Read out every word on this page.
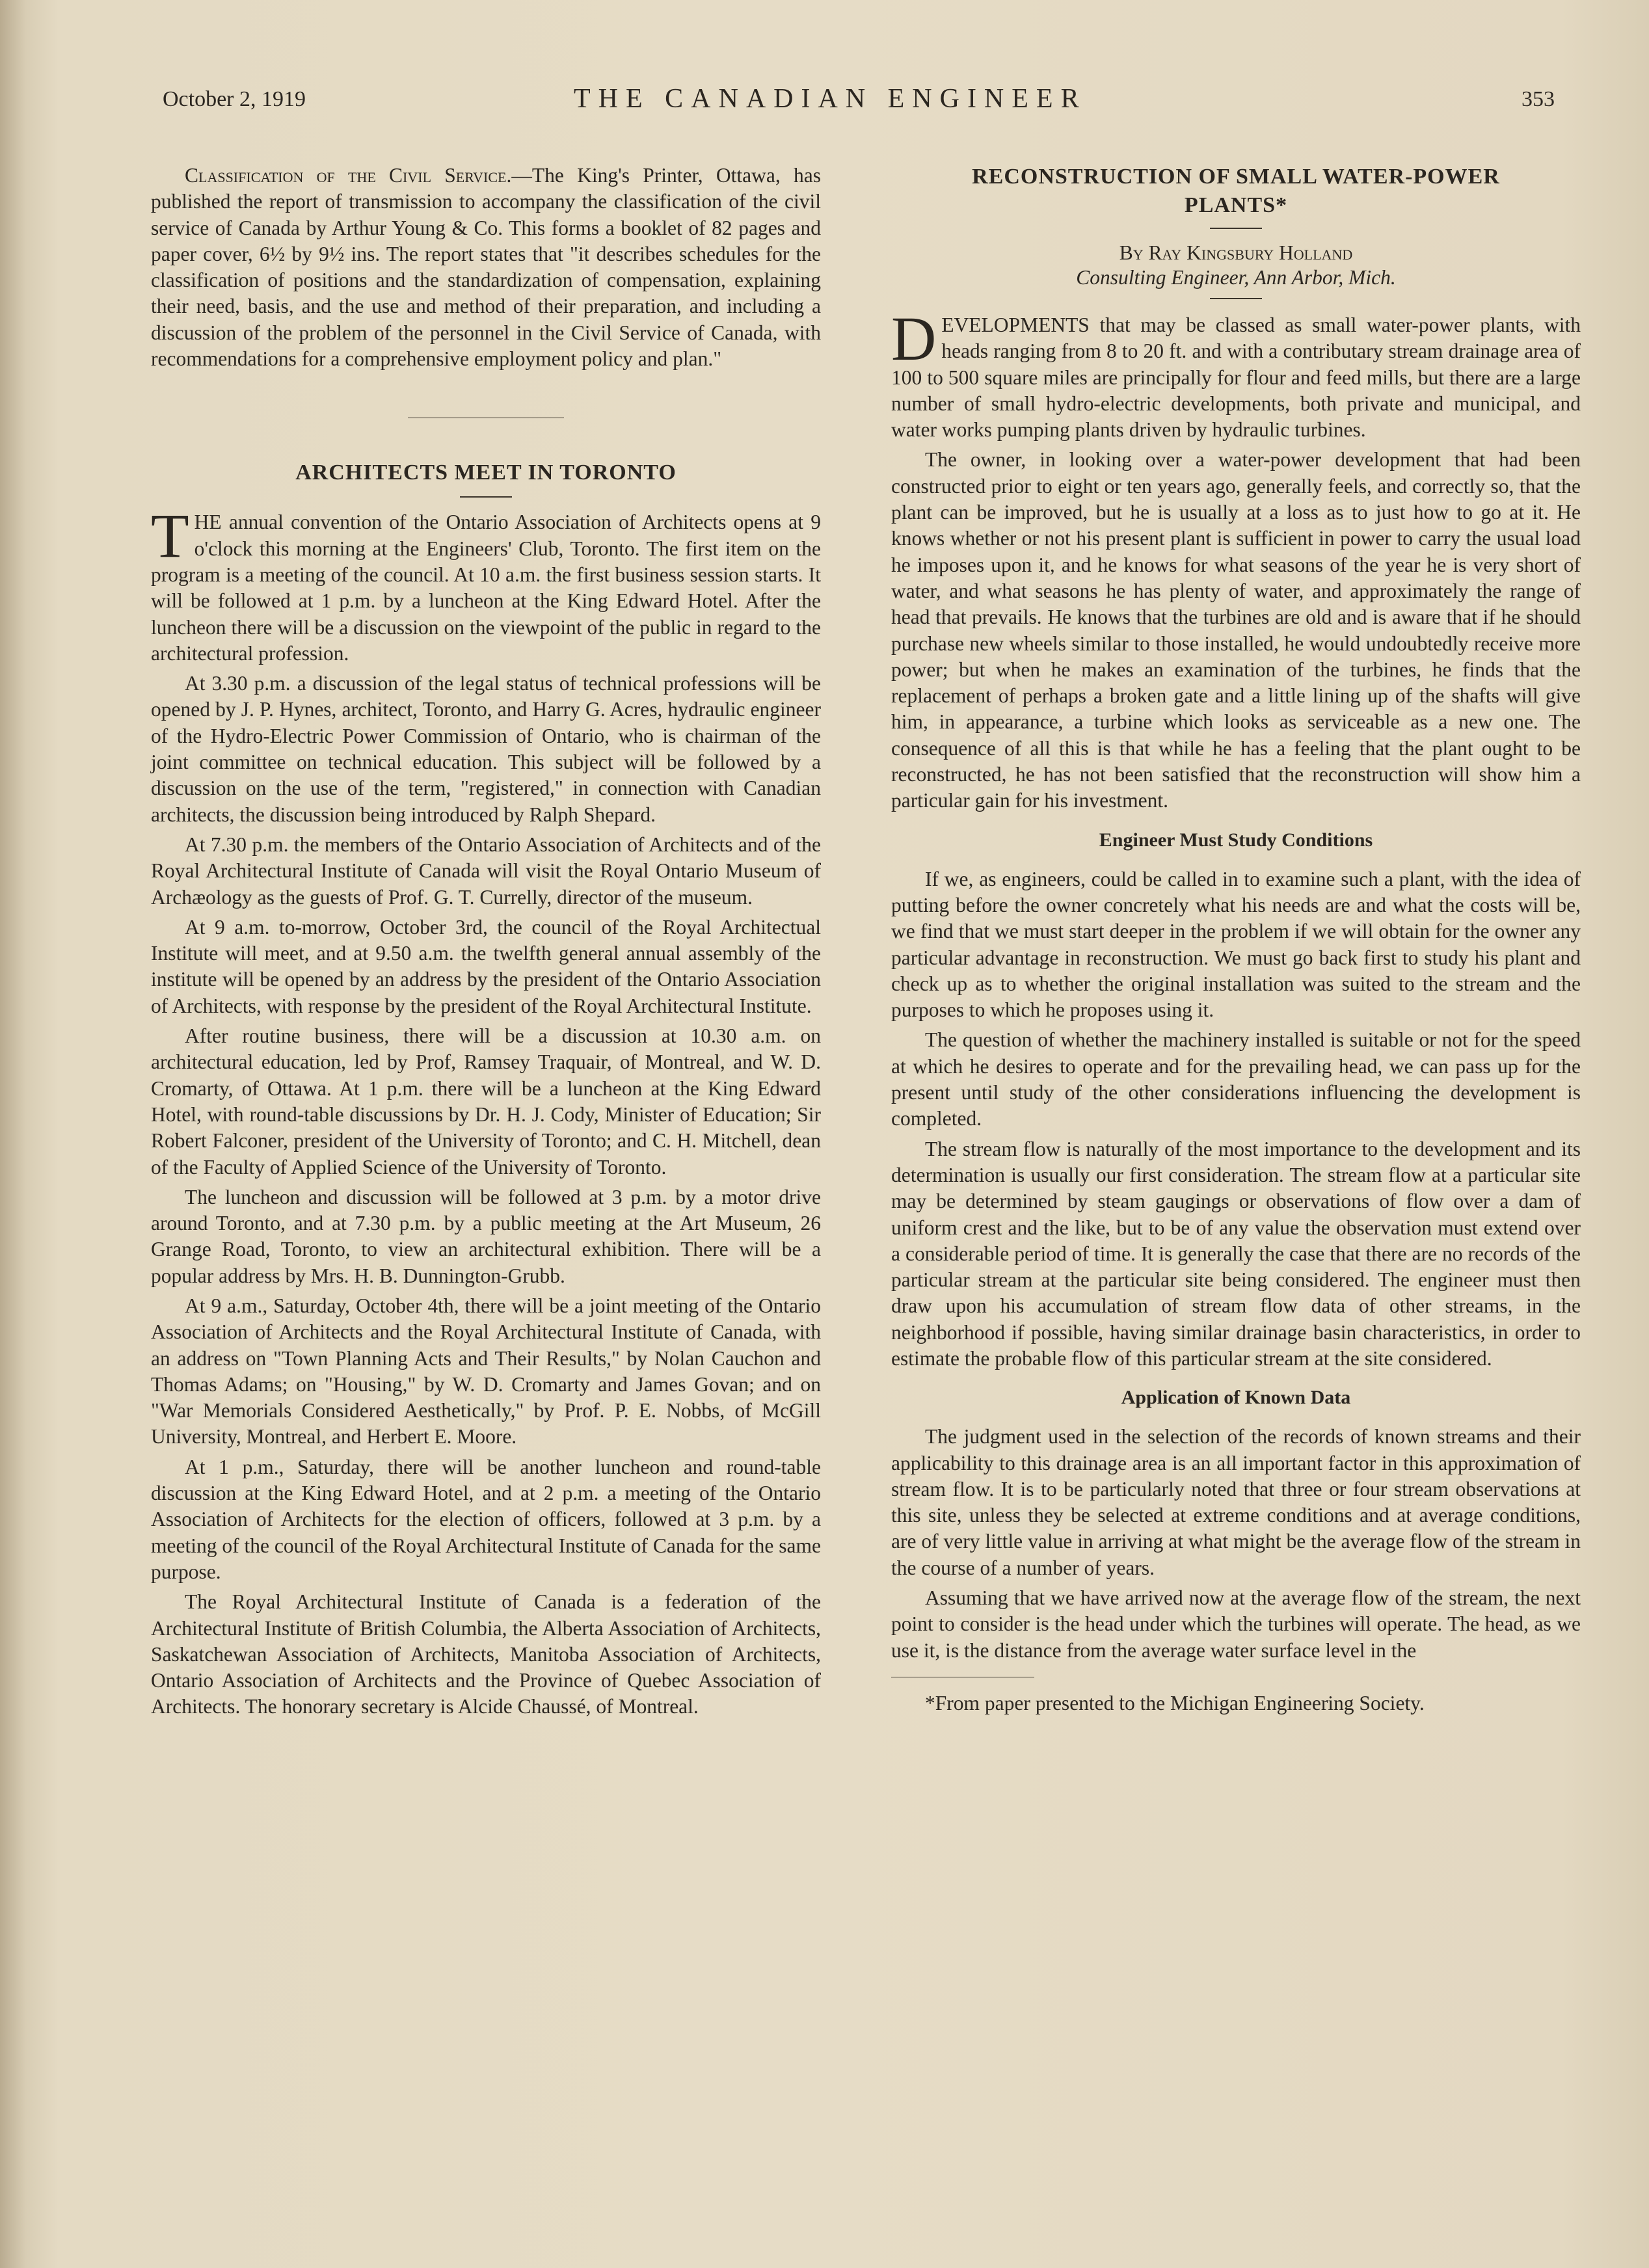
October 2, 1919	THE CANADIAN ENGINEER	353

Classification of the Civil Service.—The King's Printer, Ottawa, has published the report of transmission to accompany the classification of the civil service of Canada by Arthur Young & Co. This forms a booklet of 82 pages and paper cover, 6½ by 9½ ins. The report states that "it describes schedules for the classification of positions and the standardization of compensation, explaining their need, basis, and the use and method of their preparation, and including a discussion of the problem of the personnel in the Civil Service of Canada, with recommendations for a comprehensive employment policy and plan."

ARCHITECTS MEET IN TORONTO

THE annual convention of the Ontario Association of Architects opens at 9 o'clock this morning at the Engineers' Club, Toronto. The first item on the program is a meeting of the council. At 10 a.m. the first business session starts. It will be followed at 1 p.m. by a luncheon at the King Edward Hotel. After the luncheon there will be a discussion on the viewpoint of the public in regard to the architectural profession.

At 3.30 p.m. a discussion of the legal status of technical professions will be opened by J. P. Hynes, architect, Toronto, and Harry G. Acres, hydraulic engineer of the Hydro-Electric Power Commission of Ontario, who is chairman of the joint committee on technical education. This subject will be followed by a discussion on the use of the term, "registered," in connection with Canadian architects, the discussion being introduced by Ralph Shepard.

At 7.30 p.m. the members of the Ontario Association of Architects and of the Royal Architectural Institute of Canada will visit the Royal Ontario Museum of Archæology as the guests of Prof. G. T. Currelly, director of the museum.

At 9 a.m. to-morrow, October 3rd, the council of the Royal Architectual Institute will meet, and at 9.50 a.m. the twelfth general annual assembly of the institute will be opened by an address by the president of the Ontario Association of Architects, with response by the president of the Royal Architectural Institute.

After routine business, there will be a discussion at 10.30 a.m. on architectural education, led by Prof, Ramsey Traquair, of Montreal, and W. D. Cromarty, of Ottawa. At 1 p.m. there will be a luncheon at the King Edward Hotel, with round-table discussions by Dr. H. J. Cody, Minister of Education; Sir Robert Falconer, president of the University of Toronto; and C. H. Mitchell, dean of the Faculty of Applied Science of the University of Toronto.

The luncheon and discussion will be followed at 3 p.m. by a motor drive around Toronto, and at 7.30 p.m. by a public meeting at the Art Museum, 26 Grange Road, Toronto, to view an architectural exhibition. There will be a popular address by Mrs. H. B. Dunnington-Grubb.

At 9 a.m., Saturday, October 4th, there will be a joint meeting of the Ontario Association of Architects and the Royal Architectural Institute of Canada, with an address on "Town Planning Acts and Their Results," by Nolan Cauchon and Thomas Adams; on "Housing," by W. D. Cromarty and James Govan; and on "War Memorials Considered Aesthetically," by Prof. P. E. Nobbs, of McGill University, Montreal, and Herbert E. Moore.

At 1 p.m., Saturday, there will be another luncheon and round-table discussion at the King Edward Hotel, and at 2 p.m. a meeting of the Ontario Association of Architects for the election of officers, followed at 3 p.m. by a meeting of the council of the Royal Architectural Institute of Canada for the same purpose.

The Royal Architectural Institute of Canada is a federation of the Architectural Institute of British Columbia, the Alberta Association of Architects, Saskatchewan Association of Architects, Manitoba Association of Architects, Ontario Association of Architects and the Province of Quebec Association of Architects. The honorary secretary is Alcide Chaussé, of Montreal.

RECONSTRUCTION OF SMALL WATER-POWER PLANTS*
By Ray Kingsbury Holland
Consulting Engineer, Ann Arbor, Mich.

DEVELOPMENTS that may be classed as small water-power plants, with heads ranging from 8 to 20 ft. and with a contributary stream drainage area of 100 to 500 square miles are principally for flour and feed mills, but there are a large number of small hydro-electric developments, both private and municipal, and water works pumping plants driven by hydraulic turbines.

The owner, in looking over a water-power development that had been constructed prior to eight or ten years ago, generally feels, and correctly so, that the plant can be improved, but he is usually at a loss as to just how to go at it. He knows whether or not his present plant is sufficient in power to carry the usual load he imposes upon it, and he knows for what seasons of the year he is very short of water, and what seasons he has plenty of water, and approximately the range of head that prevails. He knows that the turbines are old and is aware that if he should purchase new wheels similar to those installed, he would undoubtedly receive more power; but when he makes an examination of the turbines, he finds that the replacement of perhaps a broken gate and a little lining up of the shafts will give him, in appearance, a turbine which looks as serviceable as a new one. The consequence of all this is that while he has a feeling that the plant ought to be reconstructed, he has not been satisfied that the reconstruction will show him a particular gain for his investment.

Engineer Must Study Conditions

If we, as engineers, could be called in to examine such a plant, with the idea of putting before the owner concretely what his needs are and what the costs will be, we find that we must start deeper in the problem if we will obtain for the owner any particular advantage in reconstruction. We must go back first to study his plant and check up as to whether the original installation was suited to the stream and the purposes to which he proposes using it.

The question of whether the machinery installed is suitable or not for the speed at which he desires to operate and for the prevailing head, we can pass up for the present until study of the other considerations influencing the development is completed.

The stream flow is naturally of the most importance to the development and its determination is usually our first consideration. The stream flow at a particular site may be determined by steam gaugings or observations of flow over a dam of uniform crest and the like, but to be of any value the observation must extend over a considerable period of time. It is generally the case that there are no records of the particular stream at the particular site being considered. The engineer must then draw upon his accumulation of stream flow data of other streams, in the neighborhood if possible, having similar drainage basin characteristics, in order to estimate the probable flow of this particular stream at the site considered.

Application of Known Data

The judgment used in the selection of the records of known streams and their applicability to this drainage area is an all important factor in this approximation of stream flow. It is to be particularly noted that three or four stream observations at this site, unless they be selected at extreme conditions and at average conditions, are of very little value in arriving at what might be the average flow of the stream in the course of a number of years.

Assuming that we have arrived now at the average flow of the stream, the next point to consider is the head under which the turbines will operate. The head, as we use it, is the distance from the average water surface level in the

*From paper presented to the Michigan Engineering Society.
